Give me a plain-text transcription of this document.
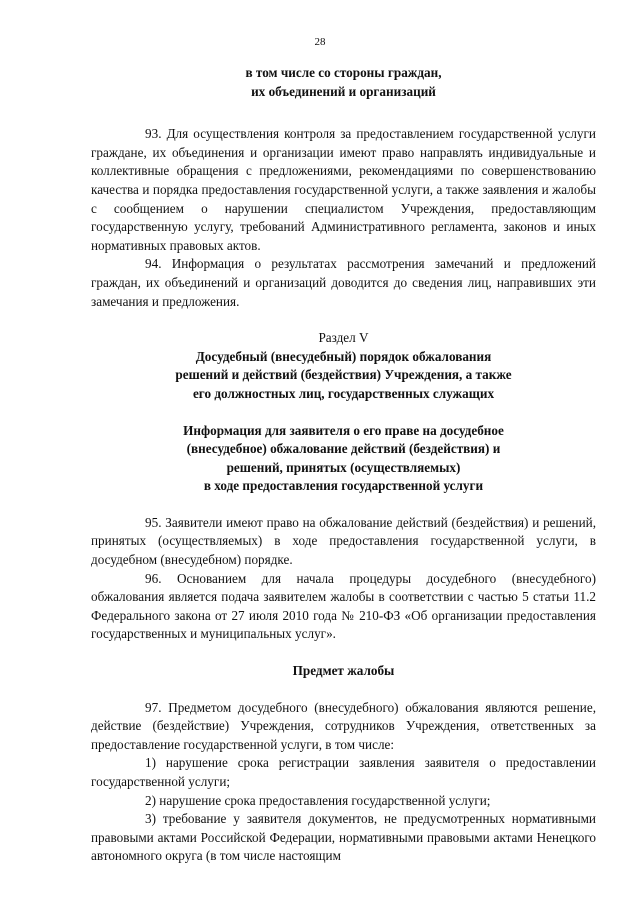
28

в том числе со стороны граждан,

их объединений и организаций

93. Для осуществления контроля за предоставлением государственной услуги граждане, их объединения и организации имеют право направлять индивидуальные и коллективные обращения с предложениями, рекомендациями по совершенствованию качества и порядка предоставления государственной услуги, а также заявления и жалобы с сообщением о нарушении специалистом Учреждения, предоставляющим государственную услугу, требований Административного регламента, законов и иных нормативных правовых актов.

94. Информация о результатах рассмотрения замечаний и предложений граждан, их объединений и организаций доводится до сведения лиц, направивших эти замечания и предложения.

Раздел V

Досудебный (внесудебный) порядок обжалования

решений и действий (бездействия) Учреждения, а также

его должностных лиц, государственных служащих

Информация для заявителя о его праве на досудебное

(внесудебное) обжалование действий (бездействия) и

решений, принятых (осуществляемых)

в ходе предоставления государственной услуги

95. Заявители имеют право на обжалование действий (бездействия) и решений, принятых (осуществляемых) в ходе предоставления государственной услуги, в досудебном (внесудебном) порядке.

96. Основанием для начала процедуры досудебного (внесудебного) обжалования является подача заявителем жалобы в соответствии с частью 5 статьи 11.2 Федерального закона от 27 июля 2010 года № 210-ФЗ «Об организации предоставления государственных и муниципальных услуг».

Предмет жалобы

97. Предметом досудебного (внесудебного) обжалования являются решение, действие (бездействие) Учреждения, сотрудников Учреждения, ответственных за предоставление государственной услуги, в том числе:

1) нарушение срока регистрации заявления заявителя о предоставлении государственной услуги;

2) нарушение срока предоставления государственной услуги;

3) требование у заявителя документов, не предусмотренных нормативными правовыми актами Российской Федерации, нормативными правовыми актами Ненецкого автономного округа (в том числе настоящим
